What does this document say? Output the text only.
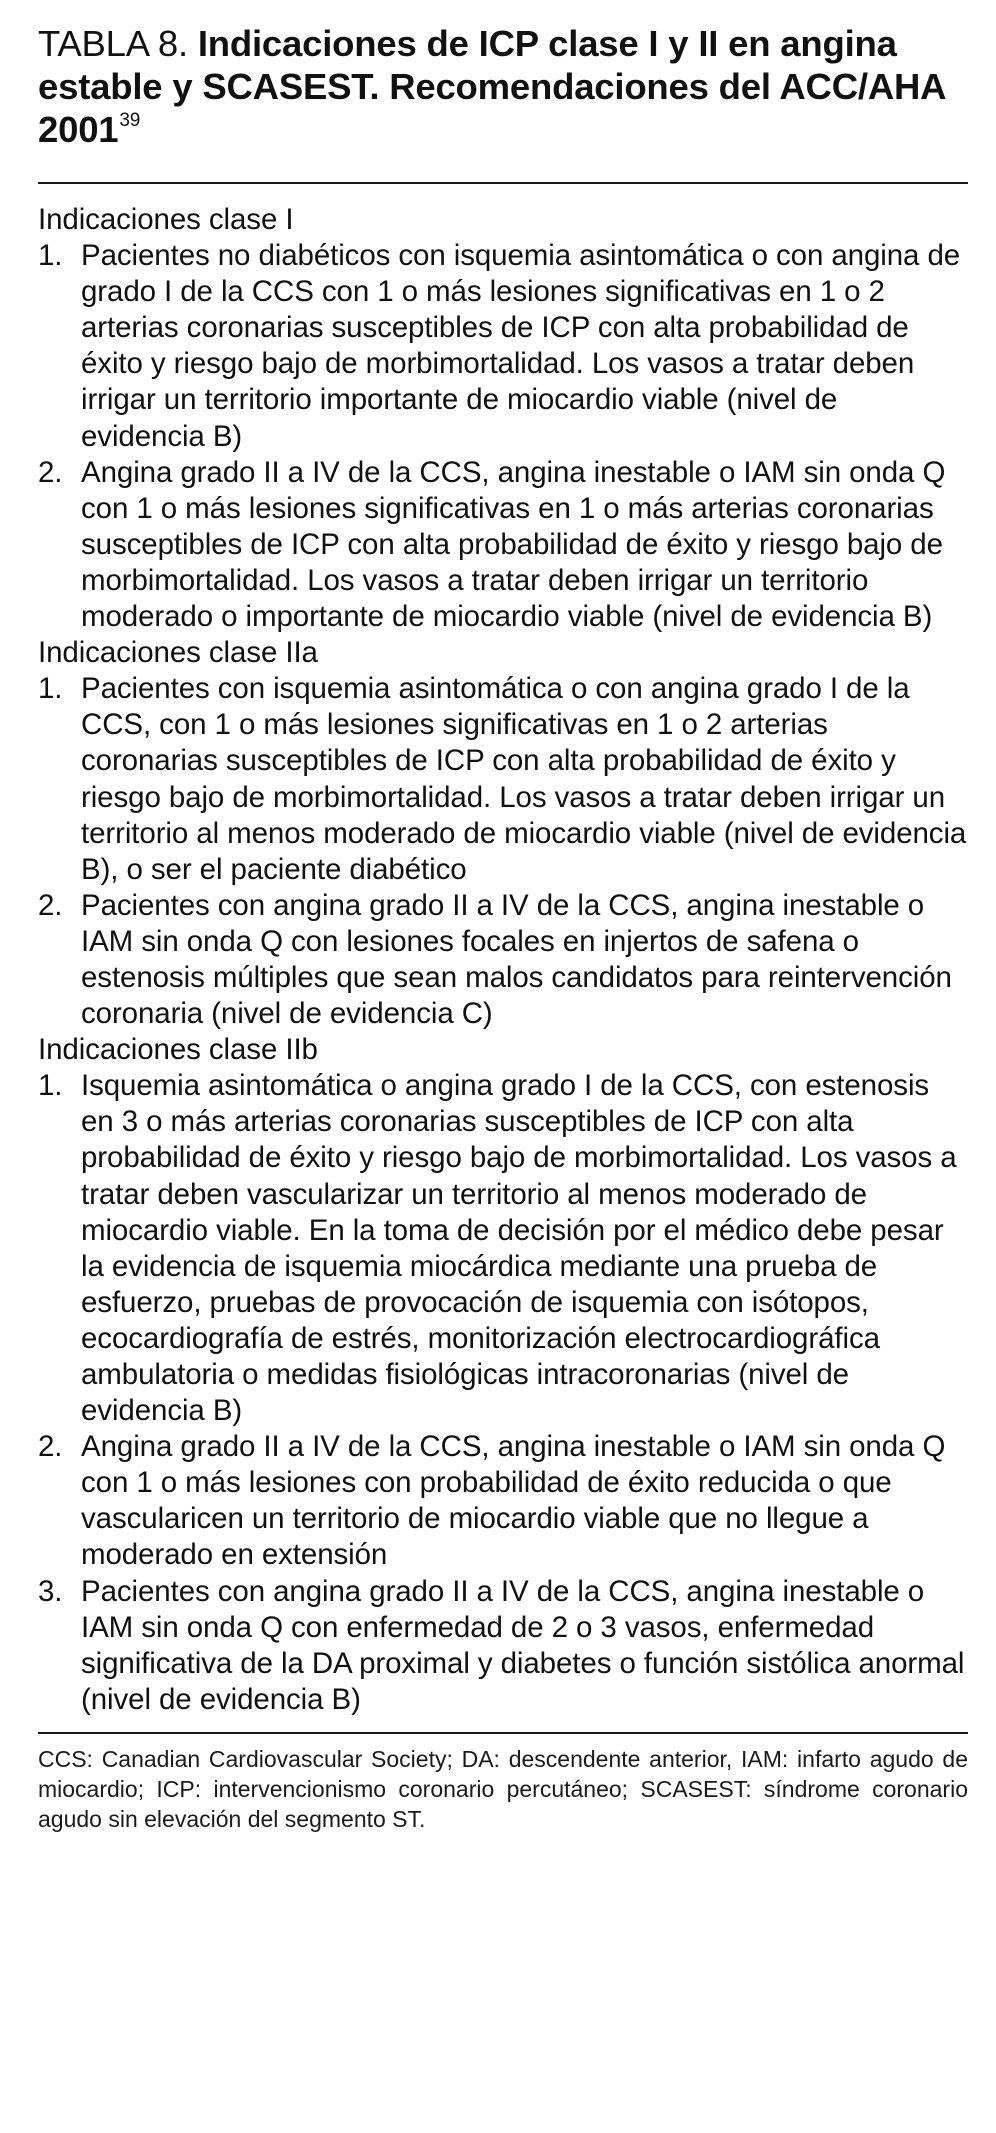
TABLA 8. Indicaciones de ICP clase I y II en angina estable y SCASEST. Recomendaciones del ACC/AHA 2001$^{39}$

Indicaciones clase I

1. Pacientes no diabéticos con isquemia asintomática o con angina de grado I de la CCS con 1 o más lesiones significativas en 1 o 2 arterias coronarias susceptibles de ICP con alta probabilidad de éxito y riesgo bajo de morbimortalidad. Los vasos a tratar deben irrigar un territorio importante de miocardio viable (nivel de evidencia B)
2. Angina grado II a IV de la CCS, angina inestable o IAM sin onda Q con 1 o más lesiones significativas en 1 o más arterias coronarias susceptibles de ICP con alta probabilidad de éxito y riesgo bajo de morbimortalidad. Los vasos a tratar deben irrigar un territorio moderado o importante de miocardio viable (nivel de evidencia B)

Indicaciones clase IIa

1. Pacientes con isquemia asintomática o con angina grado I de la CCS, con 1 o más lesiones significativas en 1 o 2 arterias coronarias susceptibles de ICP con alta probabilidad de éxito y riesgo bajo de morbimortalidad. Los vasos a tratar deben irrigar un territorio al menos moderado de miocardio viable (nivel de evidencia B), o ser el paciente diabético
2. Pacientes con angina grado II a IV de la CCS, angina inestable o IAM sin onda Q con lesiones focales en injertos de safena o estenosis múltiples que sean malos candidatos para reintervención coronaria (nivel de evidencia C)

Indicaciones clase IIb

1. Isquemia asintomática o angina grado I de la CCS, con estenosis en 3 o más arterias coronarias susceptibles de ICP con alta probabilidad de éxito y riesgo bajo de morbimortalidad. Los vasos a tratar deben vascularizar un territorio al menos moderado de miocardio viable. En la toma de decisión por el médico debe pesar la evidencia de isquemia miocárdica mediante una prueba de esfuerzo, pruebas de provocación de isquemia con isótopos, ecocardiografía de estrés, monitorización electrocardiográfica ambulatoria o medidas fisiológicas intracoronarias (nivel de evidencia B)
2. Angina grado II a IV de la CCS, angina inestable o IAM sin onda Q con 1 o más lesiones con probabilidad de éxito reducida o que vascularicen un territorio de miocardio viable que no llegue a moderado en extensión
3. Pacientes con angina grado II a IV de la CCS, angina inestable o IAM sin onda Q con enfermedad de 2 o 3 vasos, enfermedad significativa de la DA proximal y diabetes o función sistólica anormal (nivel de evidencia B)

CCS: Canadian Cardiovascular Society; DA: descendente anterior, IAM: infarto agudo de miocardio; ICP: intervencionismo coronario percutáneo; SCASEST: síndrome coronario agudo sin elevación del segmento ST.
